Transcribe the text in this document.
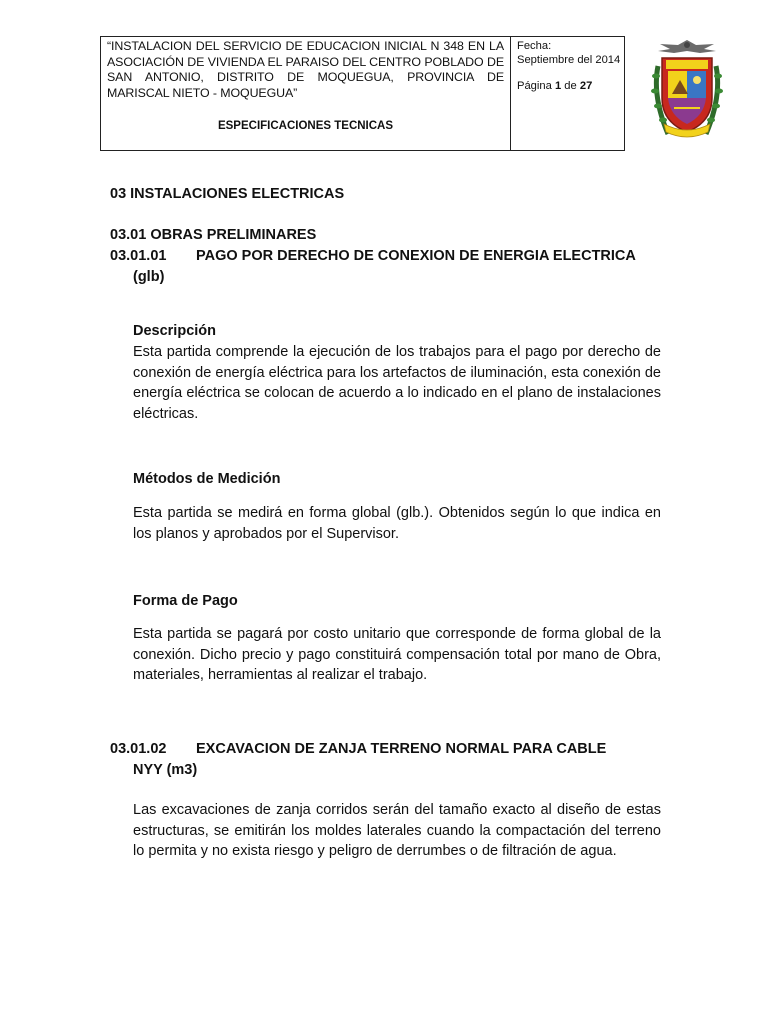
“INSTALACION DEL SERVICIO DE EDUCACION INICIAL N 348 EN LA ASOCIACIÓN DE VIVIENDA EL PARAISO DEL CENTRO POBLADO DE SAN ANTONIO, DISTRITO DE MOQUEGUA, PROVINCIA DE MARISCAL NIETO - MOQUEGUA”

ESPECIFICACIONES TECNICAS
Fecha:
Septiembre del 2014
Página 1 de 27
03 INSTALACIONES ELECTRICAS
03.01 OBRAS PRELIMINARES
03.01.01 PAGO POR DERECHO DE CONEXION DE ENERGIA ELECTRICA
(glb)
Descripción

Esta partida comprende la ejecución de los trabajos para el pago por derecho de conexión de energía eléctrica para los artefactos de iluminación, esta conexión de energía eléctrica se colocan de acuerdo a lo indicado en el plano de instalaciones eléctricas.

Métodos de Medición

Esta partida se medirá en forma global (glb.). Obtenidos según lo que indica en los planos y aprobados por el Supervisor.

Forma de Pago

Esta partida se pagará por costo unitario que corresponde de forma global de la conexión. Dicho precio y pago constituirá compensación total por mano de Obra, materiales, herramientas al realizar el trabajo.

03.01.02 EXCAVACION DE ZANJA TERRENO NORMAL PARA CABLE
NYY (m3)

Las excavaciones de zanja corridos serán del tamaño exacto al diseño de estas estructuras, se emitirán los moldes laterales cuando la compactación del terreno lo permita y no exista riesgo y peligro de derrumbes o de filtración de agua.
